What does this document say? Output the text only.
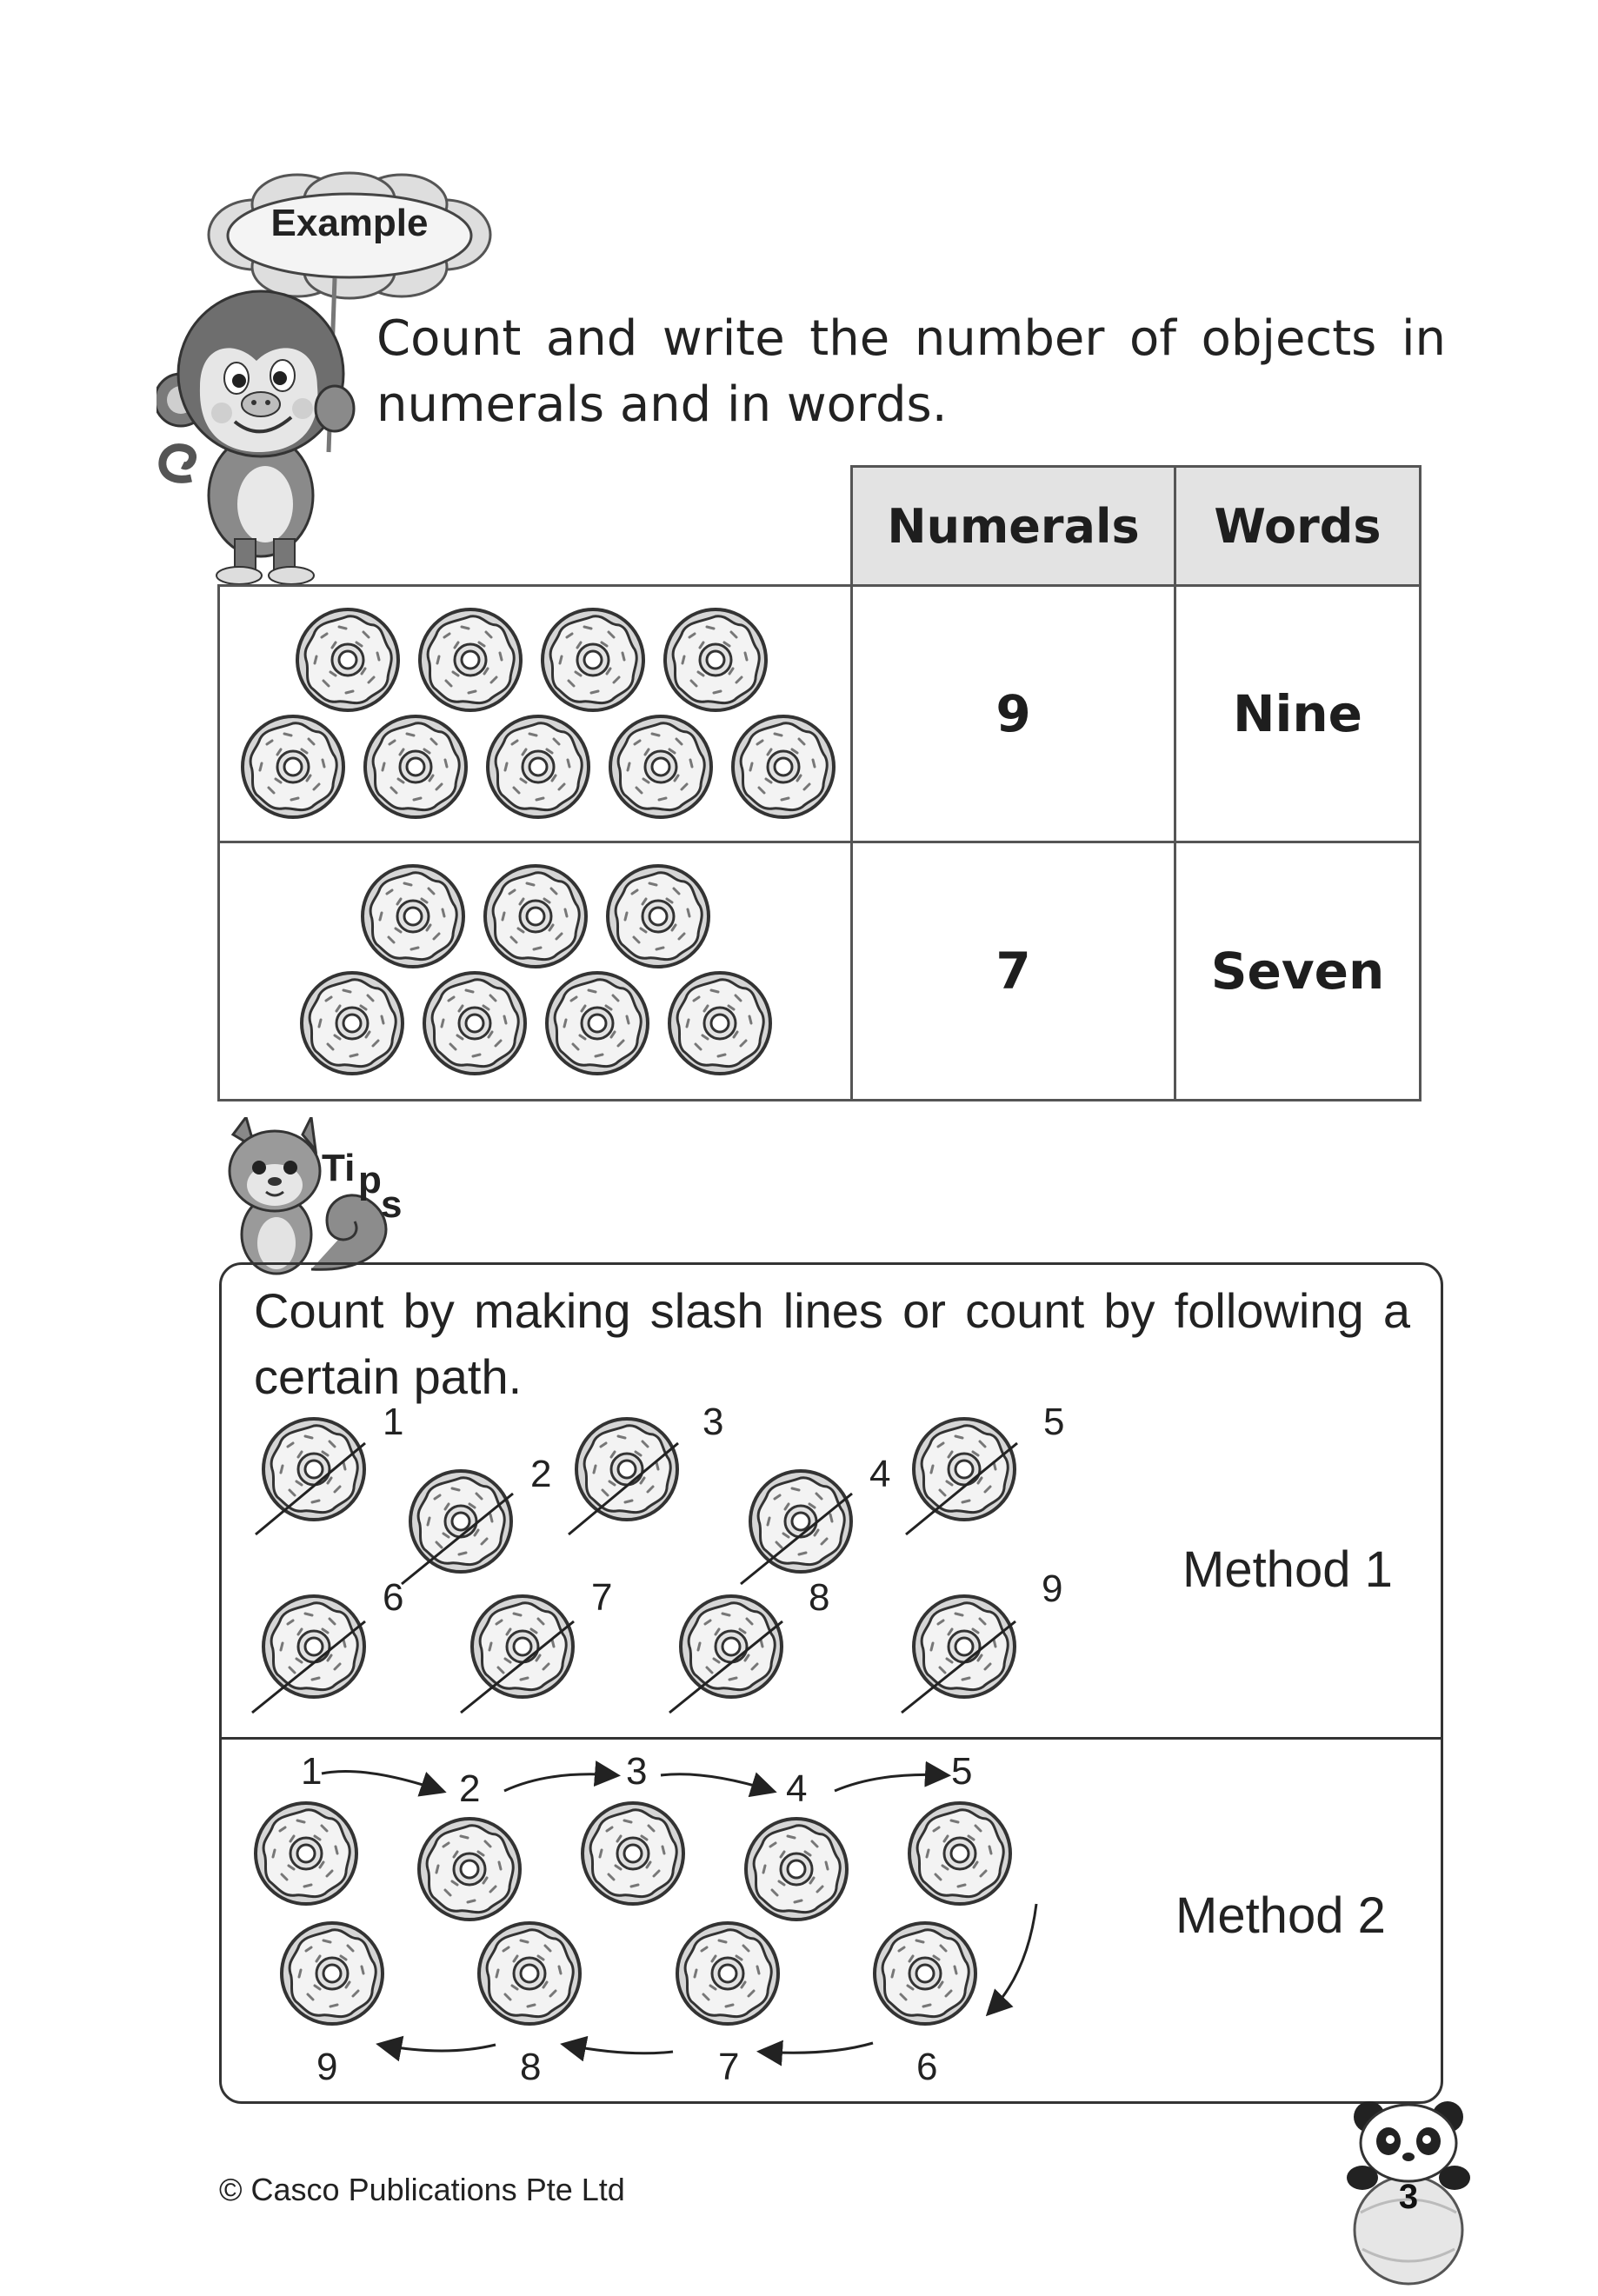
Example
Count and write the number of objects in numerals and in words.
Numerals	Words
9	Nine
7	Seven
Ti p
s
Count by making slash lines or count by following a certain path.
1
2
3
4
5
6	7	8	9 Method 1
1	2	3	4	5
6
7
8
9
Method 2
© Casco Publications Pte Ltd	3
